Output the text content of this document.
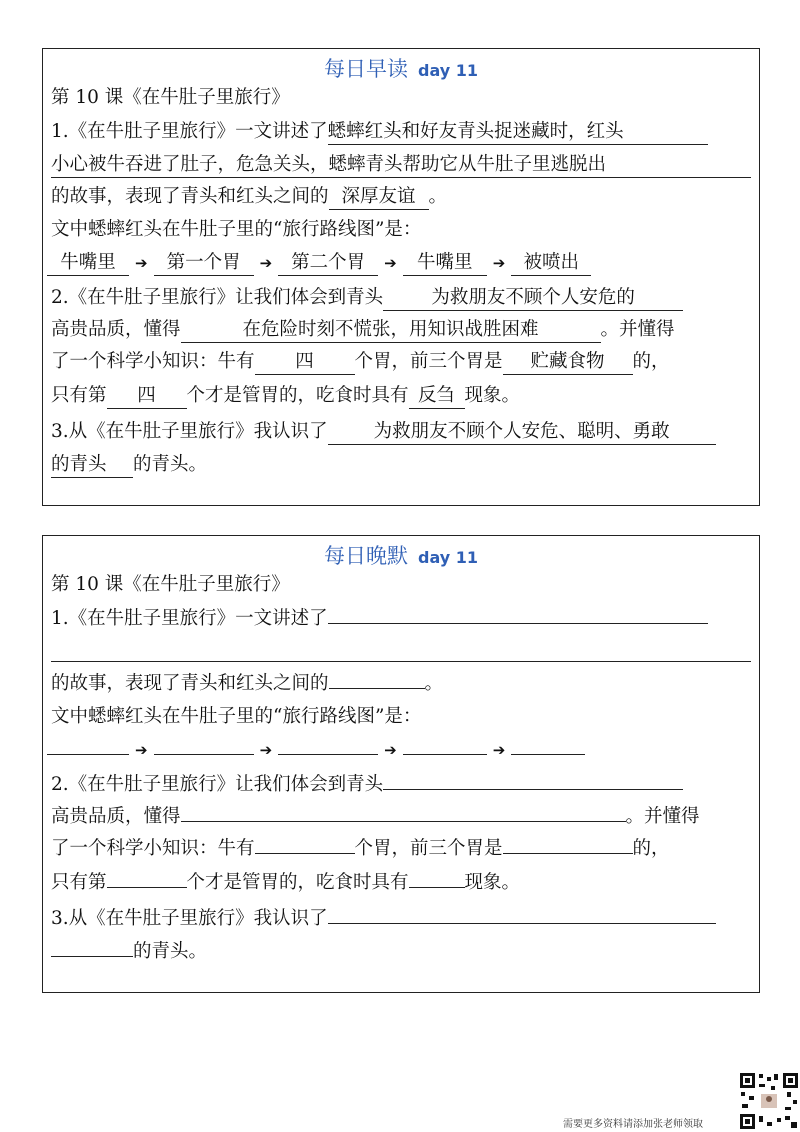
每日早读 day 11
第 10 课《在牛肚子里旅行》
1.《在牛肚子里旅行》一文讲述了蟋蟀红头和好友青头捉迷藏时，红头
小心被牛吞进了肚子，危急关头，蟋蟀青头帮助它从牛肚子里逃脱出
的故事，表现了青头和红头之间的 深厚友谊 。
文中蟋蟀红头在牛肚子里的“旅行路线图”是：
牛嘴里 ➔ 第一个胃 ➔ 第二个胃 ➔ 牛嘴里 ➔ 被喷出
2.《在牛肚子里旅行》让我们体会到青头	为救朋友不顾个人安危的
高贵品质，懂得	在危险时刻不慌张，用知识战胜困难	。并懂得
了一个科学小知识：牛有 四 个胃，前三个胃是 贮藏食物 的，
只有第 四 个才是管胃的，吃食时具有 反刍 现象。
3.从《在牛肚子里旅行》我认识了 为救朋友不顾个人安危、聪明、勇敢
的青头 的青头。
每日晚默 day 11
第 10 课《在牛肚子里旅行》
1.《在牛肚子里旅行》一文讲述了
的故事，表现了青头和红头之间的	。
文中蟋蟀红头在牛肚子里的“旅行路线图”是：
➔	➔	➔	➔
2.《在牛肚子里旅行》让我们体会到青头
高贵品质，懂得	。并懂得
了一个科学小知识：牛有	个胃，前三个胃是	的，
只有第	个才是管胃的，吃食时具有	现象。
3.从《在牛肚子里旅行》我认识了
的青头。
需要更多资料请添加张老师领取
